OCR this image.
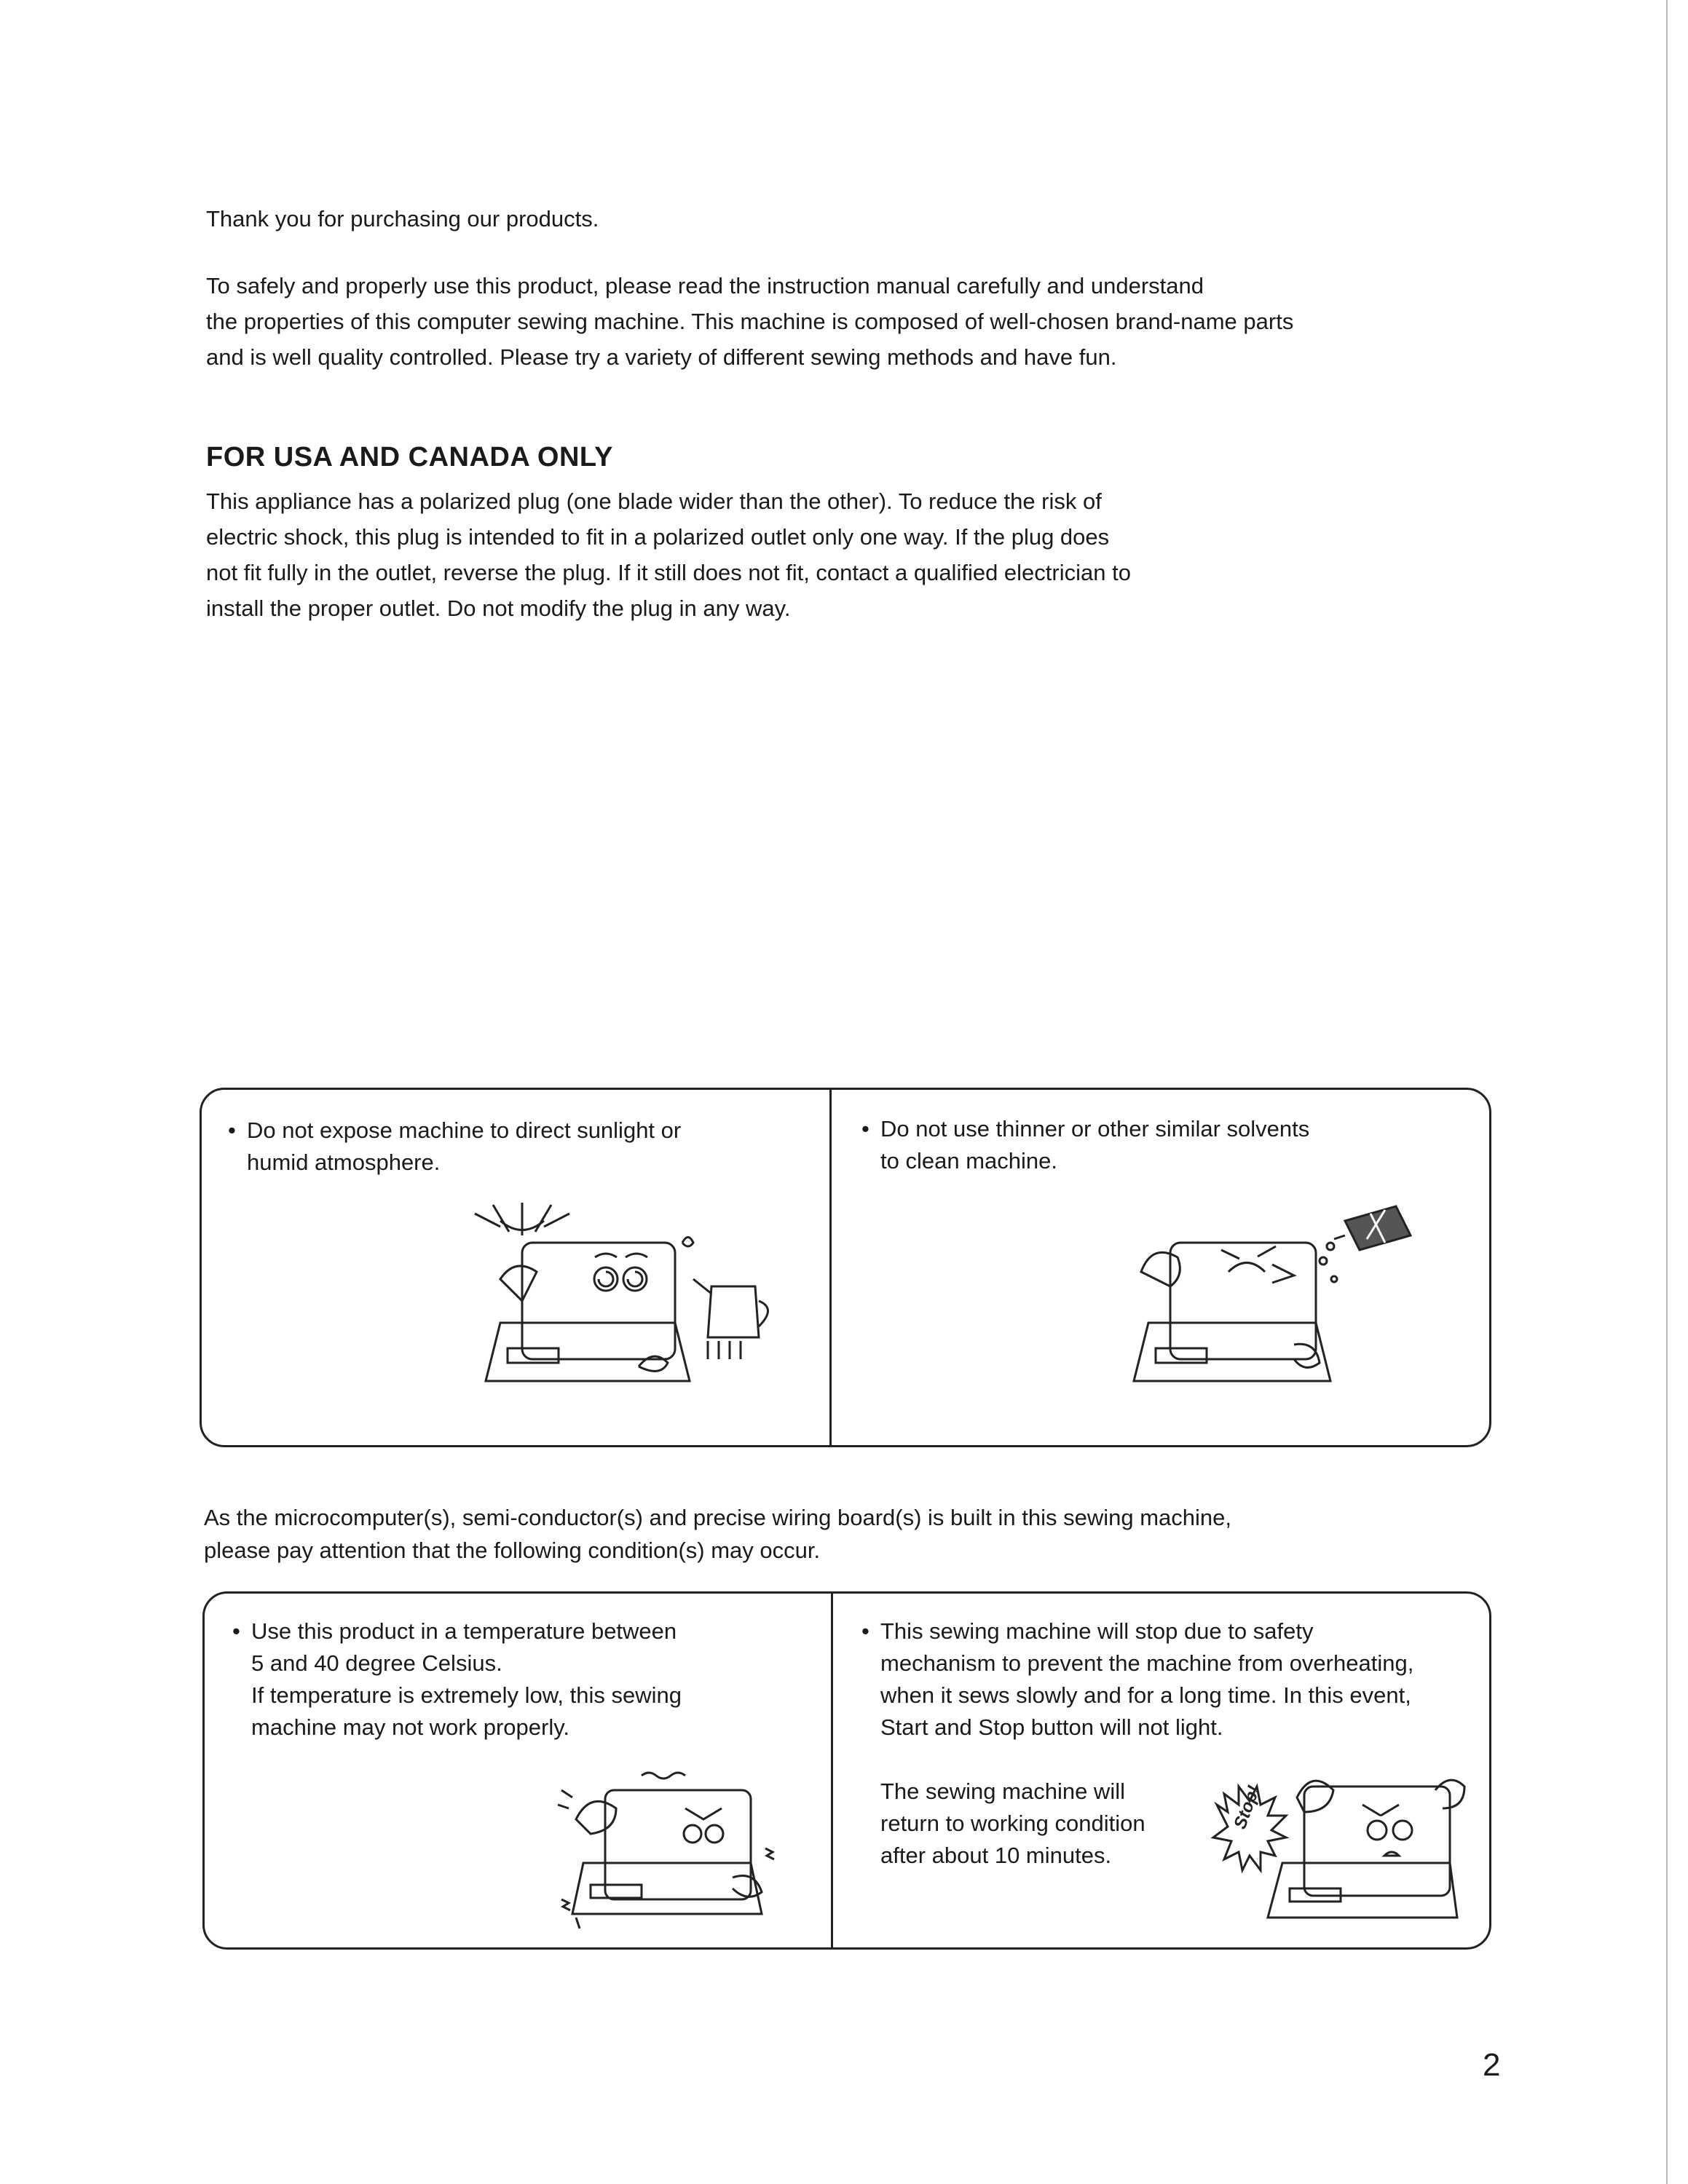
Thank you for purchasing our products.

To safely and properly use this product, please read the instruction manual carefully and understand

the properties of this computer sewing machine. This machine is composed of well-chosen brand-name parts

and is well quality controlled. Please try a variety of different sewing methods and have fun.

FOR USA AND CANADA ONLY

This appliance has a polarized plug (one blade wider than the other). To reduce the risk of

electric shock, this plug is intended to fit in a polarized outlet only one way. If the plug does

not fit fully in the outlet, reverse the plug. If it still does not fit, contact a qualified electrician to

install the proper outlet. Do not modify the plug in any way.

• Do not expose machine to direct sunlight or
humid atmosphere.
• Do not use thinner or other similar solvents
to clean machine.

As the microcomputer(s), semi-conductor(s) and precise wiring board(s) is built in this sewing machine,

please pay attention that the following condition(s) may occur.

• Use this product in a temperature between
5 and 40 degree Celsius.
If temperature is extremely low, this sewing
machine may not work properly.
• This sewing machine will stop due to safety
mechanism to prevent the machine from overheating,
when it sews slowly and for a long time. In this event,
Start and Stop button will not light.
The sewing machine will
return to working condition
after about 10 minutes.
Stop!
2
